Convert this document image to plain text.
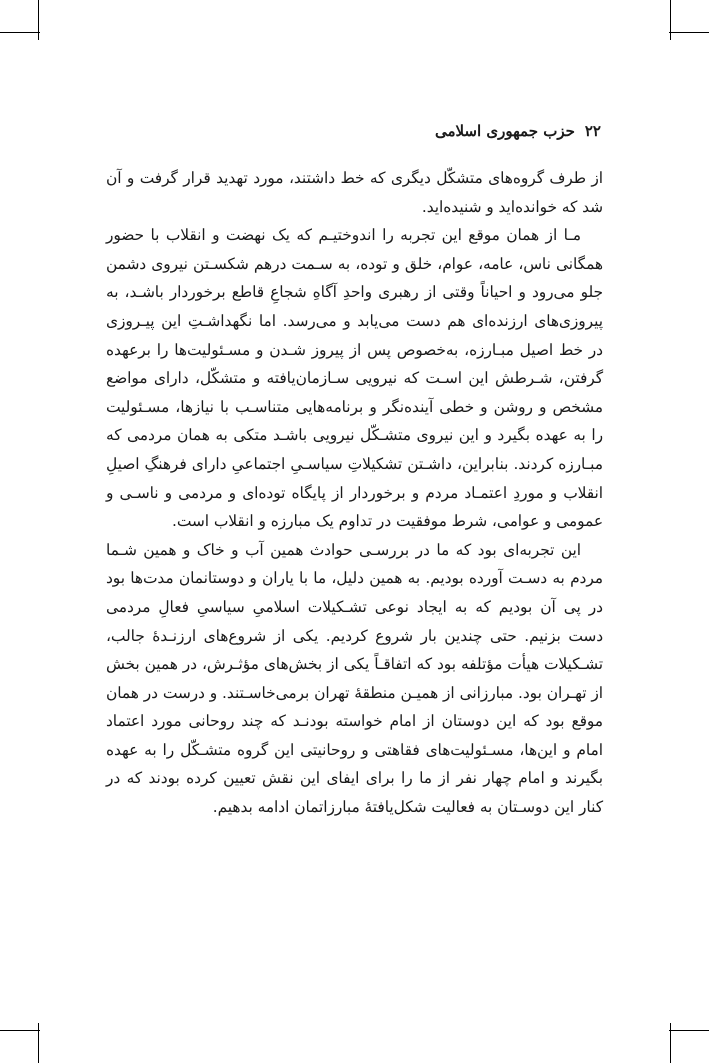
۲۲
حزب جمهوری اسلامی

از طرف گروه‌های متشکّل دیگری که خط داشتند، مورد تهدید قرار گرفت و آن شد که خوانده‌اید و شنیده‌اید.

مـا از همان موقع این تجربه را اندوختیـم که یک نهضت و انقلاب با حضور همگانی ناس، عامه، عوام، خلق و توده، به سـمت درهم شکسـتن نیروی دشمن جلو می‌رود و احیاناً وقتی از رهبری واحدِ آگاهِ شجاعِ قاطع برخوردار باشـد، به پیروزی‌های ارزنده‌ای هم دست می‌یابد و می‌رسد. اما نگهداشـتِ این پیـروزی در خط اصیل مبـارزه، به‌خصوص پس از پیروز شـدن و مسـئولیت‌ها را برعهده گرفتن، شـرطش این اسـت که نیرویی سـازمان‌یافته و متشکّل، دارای مواضع مشخص و روشن و خطی آینده‌نگر و برنامه‌هایی متناسـب با نیازها، مسـئولیت را به عهده بگیرد و این نیروی متشـکّل نیرویی باشـد متکی به همان مردمی که مبـارزه کردند. بنابراین، داشـتن تشکیلاتِ سیاسـیِ اجتماعیِ دارای فرهنگِ اصیلِ انقلاب و موردِ اعتمـاد مردم و برخوردار از پایگاه توده‌ای و مردمی و ناسـی و عمومی و عوامی، شرط موفقیت در تداوم یک مبارزه و انقلاب است.

این تجربه‌ای بود که ما در بررسـی حوادث همین آب و خاک و همین شـما مردم به دسـت آورده بودیم. به همین دلیل، ما با یاران و دوستانمان مدت‌ها بود در پی آن بودیم که به ایجاد نوعی تشـکیلات اسلامیِ سیاسیِ فعالِ مردمی دست بزنیم. حتی چندین بار شروع کردیم. یکی از شروع‌های ارزنـدۀ جالب، تشـکیلات هیأت مؤتلفه بود که اتفاقـاً یکی از بخش‌های مؤثـرش، در همین بخش از تهـران بود. مبارزانی از همیـن منطقۀ تهران برمی‌خاسـتند. و درست در همان موقع بود که این دوستان از امام خواسته بودنـد که چند روحانی مورد اعتماد امام و این‌ها، مسـئولیت‌های فقاهتی و روحانیتی این گروه متشـکّل را به عهده بگیرند و امام چهار نفر از ما را برای ایفای این نقش تعیین کرده بودند که در کنار این دوسـتان به فعالیت شکل‌یافتۀ مبارزاتمان ادامه بدهیم.
